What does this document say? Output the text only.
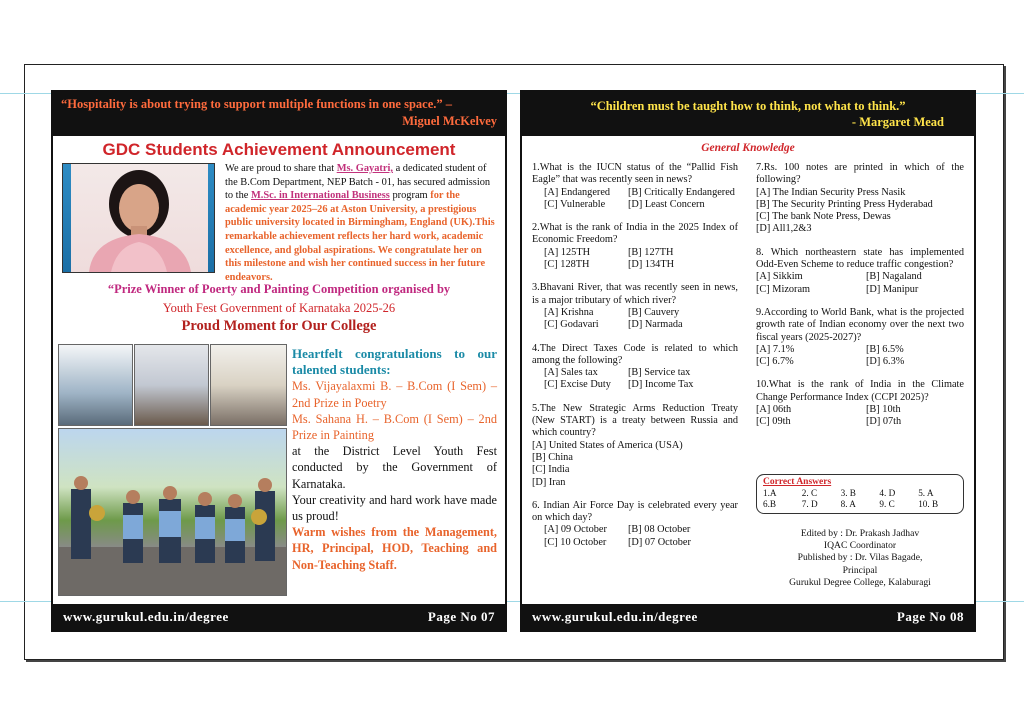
“Hospitality is about trying to support multiple functions in one space.” –
Miguel McKelvey
GDC Students Achievement Announcement
We are proud to share that Ms. Gayatri, a dedicated student of the B.Com Department, NEP Batch - 01, has secured admission to the M.Sc. in International Business program for the academic year 2025–26 at Aston University, a prestigious public university located in Birmingham, England (UK).This remarkable achievement reflects her hard work, academic excellence, and global aspirations. We congratulate her on this milestone and wish her continued success in her future endeavors.
“Prize Winner of Poerty and Painting Competition organised by
Youth Fest Government of Karnataka 2025-26
Proud Moment for Our College
Heartfelt congratulations to our talented students:
Ms. Vijayalaxmi B. – B.Com (I Sem) – 2nd Prize in Poetry
Ms. Sahana H. – B.Com (I Sem) – 2nd Prize in Painting
at the District Level Youth Fest conducted by the Government of Karnataka.
Your creativity and hard work have made us proud!
Warm wishes from the Management, HR, Principal, HOD, Teaching and Non-Teaching Staff.
www.gurukul.edu.in/degree	Page No 07
“Children must be taught how to think, not what to think.”
- Margaret Mead
General Knowledge
1.What is the IUCN status of the “Pallid Fish Eagle” that was recently seen in news?
[A] Endangered	[B] Critically Endangered
[C] Vulnerable	[D] Least Concern
2.What is the rank of India in the 2025 Index of Economic Freedom?
[A] 125TH	[B] 127TH
[C] 128TH	[D] 134TH
3.Bhavani River, that was recently seen in news, is a major tributary of which river?
[A] Krishna	[B] Cauvery
[C] Godavari	[D] Narmada
4.The Direct Taxes Code is related to which among the following?
[A] Sales tax	[B] Service tax
[C] Excise Duty	[D] Income Tax
5.The New Strategic Arms Reduction Treaty (New START) is a treaty between Russia and which country?
[A] United States of America (USA)
[B] China
[C] India
[D] Iran
6. Indian Air Force Day is celebrated every year on which day?
[A] 09 October	[B] 08 October
[C] 10 October	[D] 07 October
7.Rs. 100 notes are printed in which of the following?
[A] The Indian Security Press Nasik
[B] The Security Printing Press Hyderabad
[C] The bank Note Press, Dewas
[D] All1,2&3
8. Which northeastern state has implemented Odd-Even Scheme to reduce traffic congestion?
[A] Sikkim	[B] Nagaland
[C] Mizoram	[D] Manipur
9.According to World Bank, what is the projected growth rate of Indian economy over the next two fiscal years (2025-2027)?
[A] 7.1%	[B] 6.5%
[C] 6.7%	[D] 6.3%
10.What is the rank of India in the Climate Change Performance Index (CCPI 2025)?
[A] 06th	[B] 10th
[C] 09th	[D] 07th
Correct Answers
1.A	2. C	3. B	4. D	5. A
6.B	7. D	8. A	9. C	10. B
Edited by : Dr. Prakash Jadhav
IQAC Coordinator
Published by : Dr. Vilas Bagade,
Principal
Gurukul Degree College, Kalaburagi
www.gurukul.edu.in/degree	Page No 08
